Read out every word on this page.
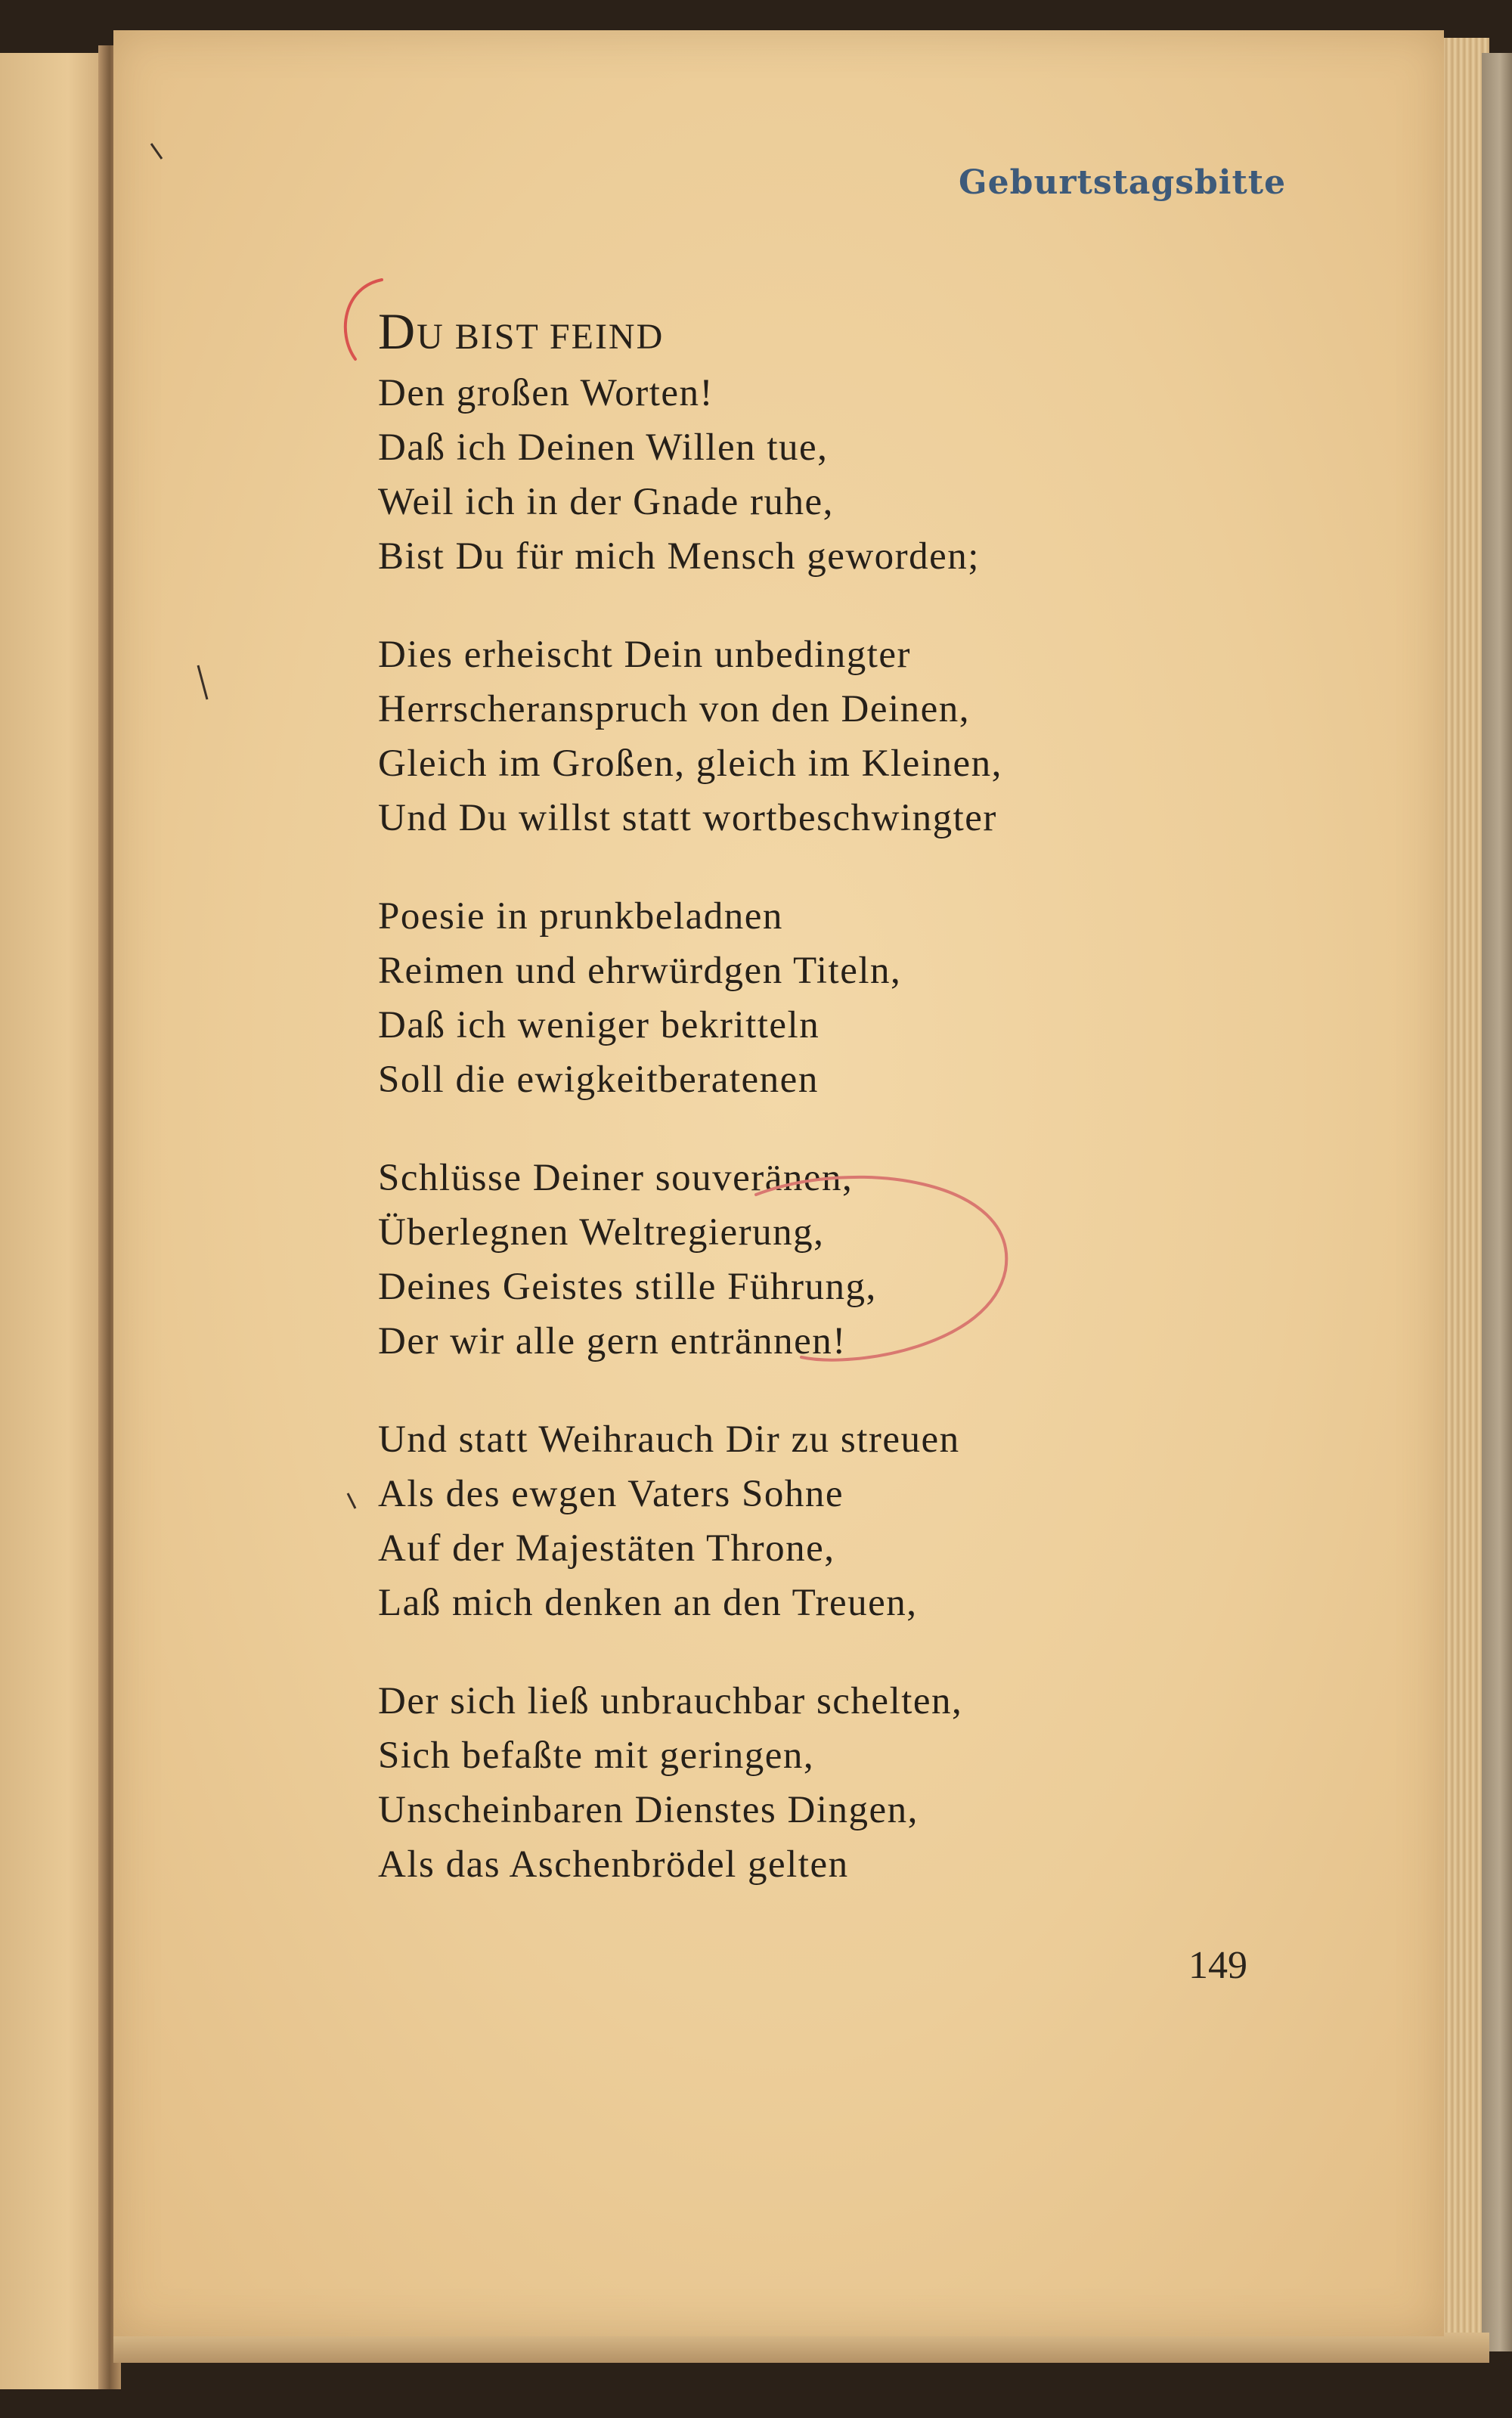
Geburtstagsbitte
DU BIST FEIND
Den großen Worten!
Daß ich Deinen Willen tue,
Weil ich in der Gnade ruhe,
Bist Du für mich Mensch geworden;
Dies erheischt Dein unbedingter
Herrscheranspruch von den Deinen,
Gleich im Großen, gleich im Kleinen,
Und Du willst statt wortbeschwingter
Poesie in prunkbeladnen
Reimen und ehrwürdgen Titeln,
Daß ich weniger bekritteln
Soll die ewigkeitberatenen
Schlüsse Deiner souveränen,
Überlegnen Weltregierung,
Deines Geistes stille Führung,
Der wir alle gern entrännen!
Und statt Weihrauch Dir zu streuen
Als des ewgen Vaters Sohne
Auf der Majestäten Throne,
Laß mich denken an den Treuen,
Der sich ließ unbrauchbar schelten,
Sich befaßte mit geringen,
Unscheinbaren Dienstes Dingen,
Als das Aschenbrödel gelten
149
